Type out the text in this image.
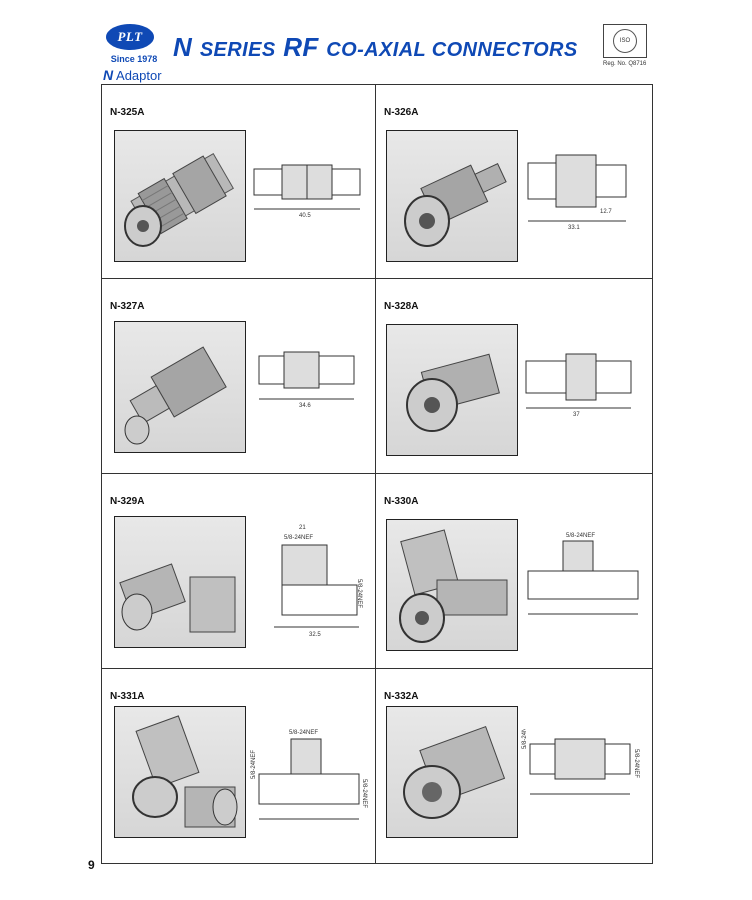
PLT
Since 1978 N SERIES RF CO-AXIAL CONNECTORS
N Adaptor
ISO
Reg. No. Q8716
N-325A
40.5
N-326A
12.7
33.1
N-327A
34.6
N-328A
37
N-329A
21
5/8-24NEF
32.5
5/8-24NEF
N-330A
5/8-24NEF
N-331A
5/8-24NEF
5/8-24NEF
5/8-24NEF
N-332A
5/8-24NEF
5/8-24NEF
9
